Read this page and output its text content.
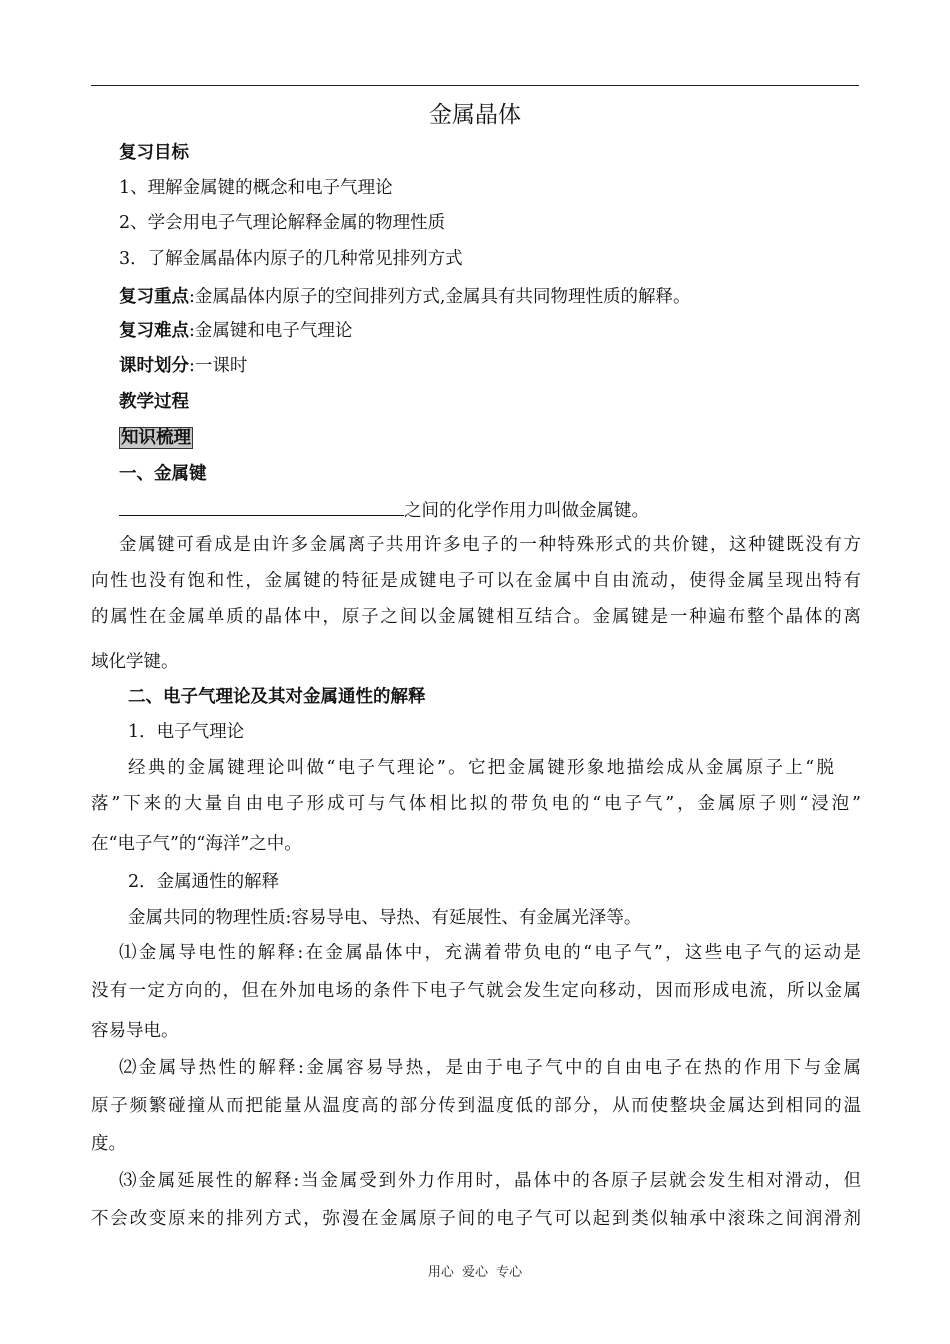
金属晶体
复习目标
1、理解金属键的概念和电子气理论
2、学会用电子气理论解释金属的物理性质
3．了解金属晶体内原子的几种常见排列方式
复习重点:金属晶体内原子的空间排列方式,金属具有共同物理性质的解释。
复习难点:金属键和电子气理论
课时划分:一课时
教学过程
知识梳理
一、金属键
之间的化学作用力叫做金属键。
金属键可看成是由许多金属离子共用许多电子的一种特殊形式的共价键，这种键既没有方
向性也没有饱和性，金属键的特征是成键电子可以在金属中自由流动，使得金属呈现出特有
的属性在金属单质的晶体中，原子之间以金属键相互结合。金属键是一种遍布整个晶体的离
域化学键。
二、电子气理论及其对金属通性的解释
1．电子气理论
经典的金属键理论叫做“电子气理论”。它把金属键形象地描绘成从金属原子上“脱
落”下来的大量自由电子形成可与气体相比拟的带负电的“电子气”，金属原子则“浸泡”
在“电子气”的“海洋”之中。
2．金属通性的解释
金属共同的物理性质:容易导电、导热、有延展性、有金属光泽等。
⑴金属导电性的解释:在金属晶体中，充满着带负电的“电子气”，这些电子气的运动是
没有一定方向的，但在外加电场的条件下电子气就会发生定向移动，因而形成电流，所以金属
容易导电。
⑵金属导热性的解释:金属容易导热，是由于电子气中的自由电子在热的作用下与金属
原子频繁碰撞从而把能量从温度高的部分传到温度低的部分，从而使整块金属达到相同的温
度。
⑶金属延展性的解释:当金属受到外力作用时，晶体中的各原子层就会发生相对滑动，但
不会改变原来的排列方式，弥漫在金属原子间的电子气可以起到类似轴承中滚珠之间润滑剂
用心 爱心 专心
